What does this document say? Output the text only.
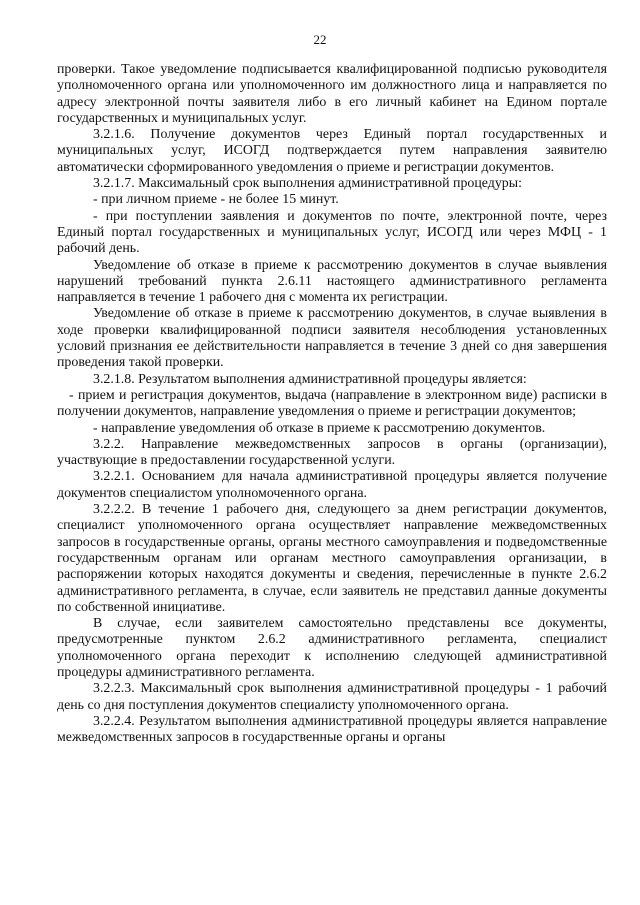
22

проверки. Такое уведомление подписывается квалифицированной подписью руководителя уполномоченного органа или уполномоченного им должностного лица и направляется по адресу электронной почты заявителя либо в его личный кабинет на Едином портале государственных и муниципальных услуг.

3.2.1.6. Получение документов через Единый портал государственных и муниципальных услуг, ИСОГД подтверждается путем направления заявителю автоматически сформированного уведомления о приеме и регистрации документов.

3.2.1.7. Максимальный срок выполнения административной процедуры:

- при личном приеме - не более 15 минут.

- при поступлении заявления и документов по почте, электронной почте, через Единый портал государственных и муниципальных услуг, ИСОГД или через МФЦ - 1 рабочий день.

Уведомление об отказе в приеме к рассмотрению документов в случае выявления нарушений требований пункта 2.6.11 настоящего административного регламента направляется в течение 1 рабочего дня с момента их регистрации.

Уведомление об отказе в приеме к рассмотрению документов, в случае выявления в ходе проверки квалифицированной подписи заявителя несоблюдения установленных условий признания ее действительности направляется в течение 3 дней со дня завершения проведения такой проверки.

3.2.1.8. Результатом выполнения административной процедуры является:

- прием и регистрация документов, выдача (направление в электронном виде) расписки в получении документов, направление уведомления о приеме и регистрации документов;

- направление уведомления об отказе в приеме к рассмотрению документов.

3.2.2. Направление межведомственных запросов в органы (организации), участвующие в предоставлении государственной услуги.

3.2.2.1. Основанием для начала административной процедуры является получение документов специалистом уполномоченного органа.

3.2.2.2. В течение 1 рабочего дня, следующего за днем регистрации документов, специалист уполномоченного органа осуществляет направление межведомственных запросов в государственные органы, органы местного самоуправления и подведомственные государственным органам или органам местного самоуправления организации, в распоряжении которых находятся документы и сведения, перечисленные в пункте 2.6.2 административного регламента, в случае, если заявитель не представил данные документы по собственной инициативе.

В случае, если заявителем самостоятельно представлены все документы, предусмотренные пунктом 2.6.2 административного регламента, специалист уполномоченного органа переходит к исполнению следующей административной процедуры административного регламента.

3.2.2.3. Максимальный срок выполнения административной процедуры - 1 рабочий день со дня поступления документов специалисту уполномоченного органа.

3.2.2.4. Результатом выполнения административной процедуры является направление межведомственных запросов в государственные органы и органы
